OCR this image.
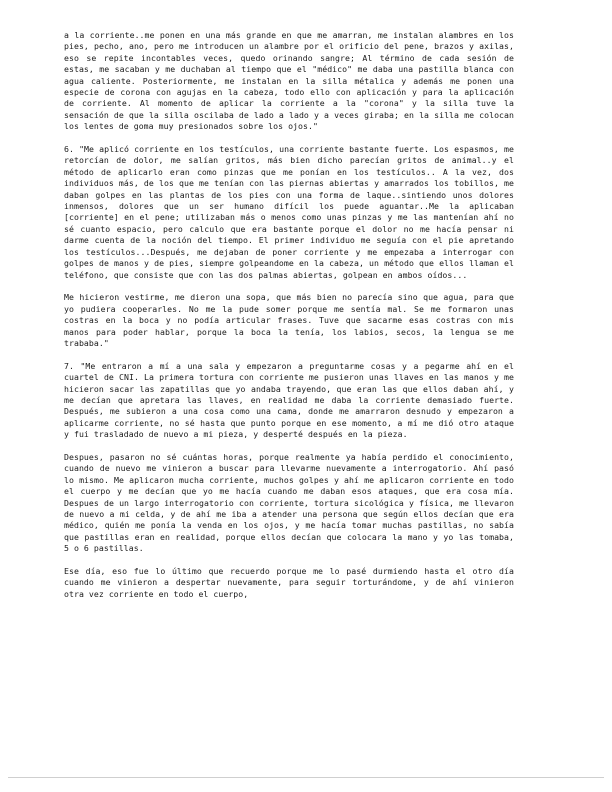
a la corriente..me ponen en una más grande en que me amarran, me instalan alambres en los pies, pecho, ano, pero me introducen un alambre por el orificio del pene, brazos y axilas, eso se repite incontables veces, quedo orinando sangre; Al término de cada sesión de estas, me sacaban y me duchaban al tiempo que el "médico" me daba una pastilla blanca con agua caliente. Posteriormente, me instalan en la silla métalica y además me ponen una especie de corona con agujas en la cabeza, todo ello con aplicación y para la aplicación de corriente. Al momento de aplicar la corriente a la "corona" y la silla tuve la sensación de que la silla oscilaba de lado a lado y a veces giraba; en la silla me colocan los lentes de goma muy presionados sobre los ojos."

6. "Me aplicó corriente en los testículos, una corriente bastante fuerte. Los espasmos, me retorcían de dolor, me salían gritos, más bien dicho parecían gritos de animal..y el método de aplicarlo eran como pinzas que me ponían en los testículos.. A la vez, dos individuos más, de los que me tenían con las piernas abiertas y amarrados los tobillos, me daban golpes en las plantas de los pies con una forma de laque..sintiendo unos dolores inmensos, dolores que un ser humano difícil los puede aguantar..Me la aplicaban [corriente] en el pene; utilizaban más o menos como unas pinzas y me las mantenían ahí no sé cuanto espacio, pero calculo que era bastante porque el dolor no me hacía pensar ni darme cuenta de la noción del tiempo. El primer individuo me seguía con el pie apretando los testículos...Después, me dejaban de poner corriente y me empezaba a interrogar con golpes de manos y de pies, siempre golpeandome en la cabeza, un método que ellos llaman el teléfono, que consiste que con las dos palmas abiertas, golpean en ambos oídos...

Me hicieron vestirme, me dieron una sopa, que más bien no parecía sino que agua, para que yo pudiera cooperarles. No me la pude somer porque me sentía mal. Se me formaron unas costras en la boca y no podía articular frases. Tuve que sacarme esas costras con mis manos para poder hablar, porque la boca la tenía, los labios, secos, la lengua se me trababa."

7. "Me entraron a mí a una sala y empezaron a preguntarme cosas y a pegarme ahí en el cuartel de CNI. La primera tortura con corriente me pusieron unas llaves en las manos y me hicieron sacar las zapatillas que yo andaba trayendo, que eran las que ellos daban ahí, y me decían que apretara las llaves, en realidad me daba la corriente demasiado fuerte. Después, me subieron a una cosa como una cama, donde me amarraron desnudo y empezaron a aplicarme corriente, no sé hasta que punto porque en ese momento, a mí me dió otro ataque y fui trasladado de nuevo a mi pieza, y desperté después en la pieza.

Despues, pasaron no sé cuántas horas, porque realmente ya había perdido el conocimiento, cuando de nuevo me vinieron a buscar para llevarme nuevamente a interrogatorio. Ahí pasó lo mismo. Me aplicaron mucha corriente, muchos golpes y ahí me aplicaron corriente en todo el cuerpo y me decían que yo me hacía cuando me daban esos ataques, que era cosa mía. Despues de un largo interrogatorio con corriente, tortura sicológica y física, me llevaron de nuevo a mi celda, y de ahí me iba a atender una persona que según ellos decían que era médico, quién me ponía la venda en los ojos, y me hacía tomar muchas pastillas, no sabía que pastillas eran en realidad, porque ellos decían que colocara la mano y yo las tomaba, 5 o 6 pastillas.

Ese día, eso fue lo último que recuerdo porque me lo pasé durmiendo hasta el otro día cuando me vinieron a despertar nuevamente, para seguir torturándome, y de ahí vinieron otra vez corriente en todo el cuerpo,
